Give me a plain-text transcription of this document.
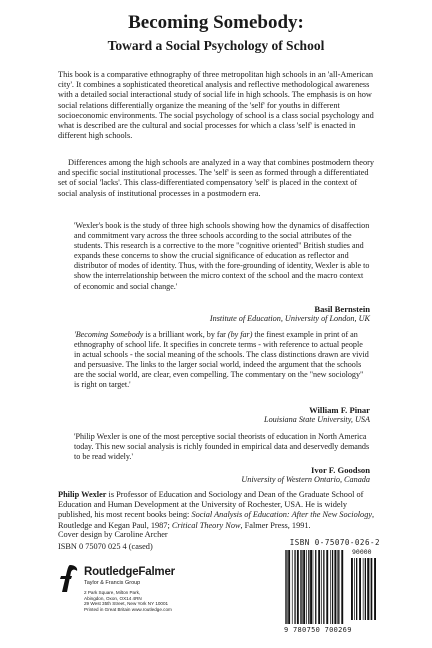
Becoming Somebody:
Toward a Social Psychology of School
This book is a comparative ethnography of three metropolitan high schools in an 'all-American city'. It combines a sophisticated theoretical analysis and reflective methodological awareness with a detailed social interactional study of social life in high schools. The emphasis is on how social relations differentially organize the meaning of the 'self' for youths in different socioeconomic environments. The social psychology of school is a class social psychology and what is described are the cultural and social processes for which a class 'self' is enacted in different high schools.
Differences among the high schools are analyzed in a way that combines postmodern theory and specific social institutional processes. The 'self' is seen as formed through a differentiated set of social 'lacks'. This class-differentiated compensatory 'self' is placed in the context of social analysis of institutional processes in a postmodern era.
'Wexler's book is the study of three high schools showing how the dynamics of disaffection and commitment vary across the three schools according to the social attributes of the students. This research is a corrective to the more "cognitive oriented" British studies and expands these concerns to show the crucial significance of education as reflector and distributor of modes of identity. Thus, with the fore-grounding of identity, Wexler is able to show the interrelationship between the micro context of the school and the macro context of economic and social change.'
Basil Bernstein
Institute of Education, University of London, UK
'Becoming Somebody is a brilliant work, by far (by far) the finest example in print of an ethnography of school life. It specifies in concrete terms - with reference to actual people in actual schools - the social meaning of the schools. The class distinctions drawn are vivid and persuasive. The links to the larger social world, indeed the argument that the schools are the social world, are clear, even compelling. The commentary on the "new sociology" is right on target.'
William F. Pinar
Louisiana State University, USA
'Philip Wexler is one of the most perceptive social theorists of education in North America today. This new social analysis is richly founded in empirical data and deservedly demands to be read widely.'
Ivor F. Goodson
University of Western Ontario, Canada
Philip Wexler is Professor of Education and Sociology and Dean of the Graduate School of Education and Human Development at the University of Rochester, USA. He is widely published, his most recent books being: Social Analysis of Education: After the New Sociology, Routledge and Kegan Paul, 1987; Critical Theory Now, Falmer Press, 1991.
Cover design by Caroline Archer
ISBN 0 75070 025 4 (cased)
RoutledgeFalmer
Taylor & Francis Group
2 Park Square, Milton Park,
Abingdon, Oxon, OX14 4RN
29 West 35th Street, New York NY 10001
Printed in Great Britain www.routledge.com
ISBN 0-75070-026-2
90000
9 780750 700269
